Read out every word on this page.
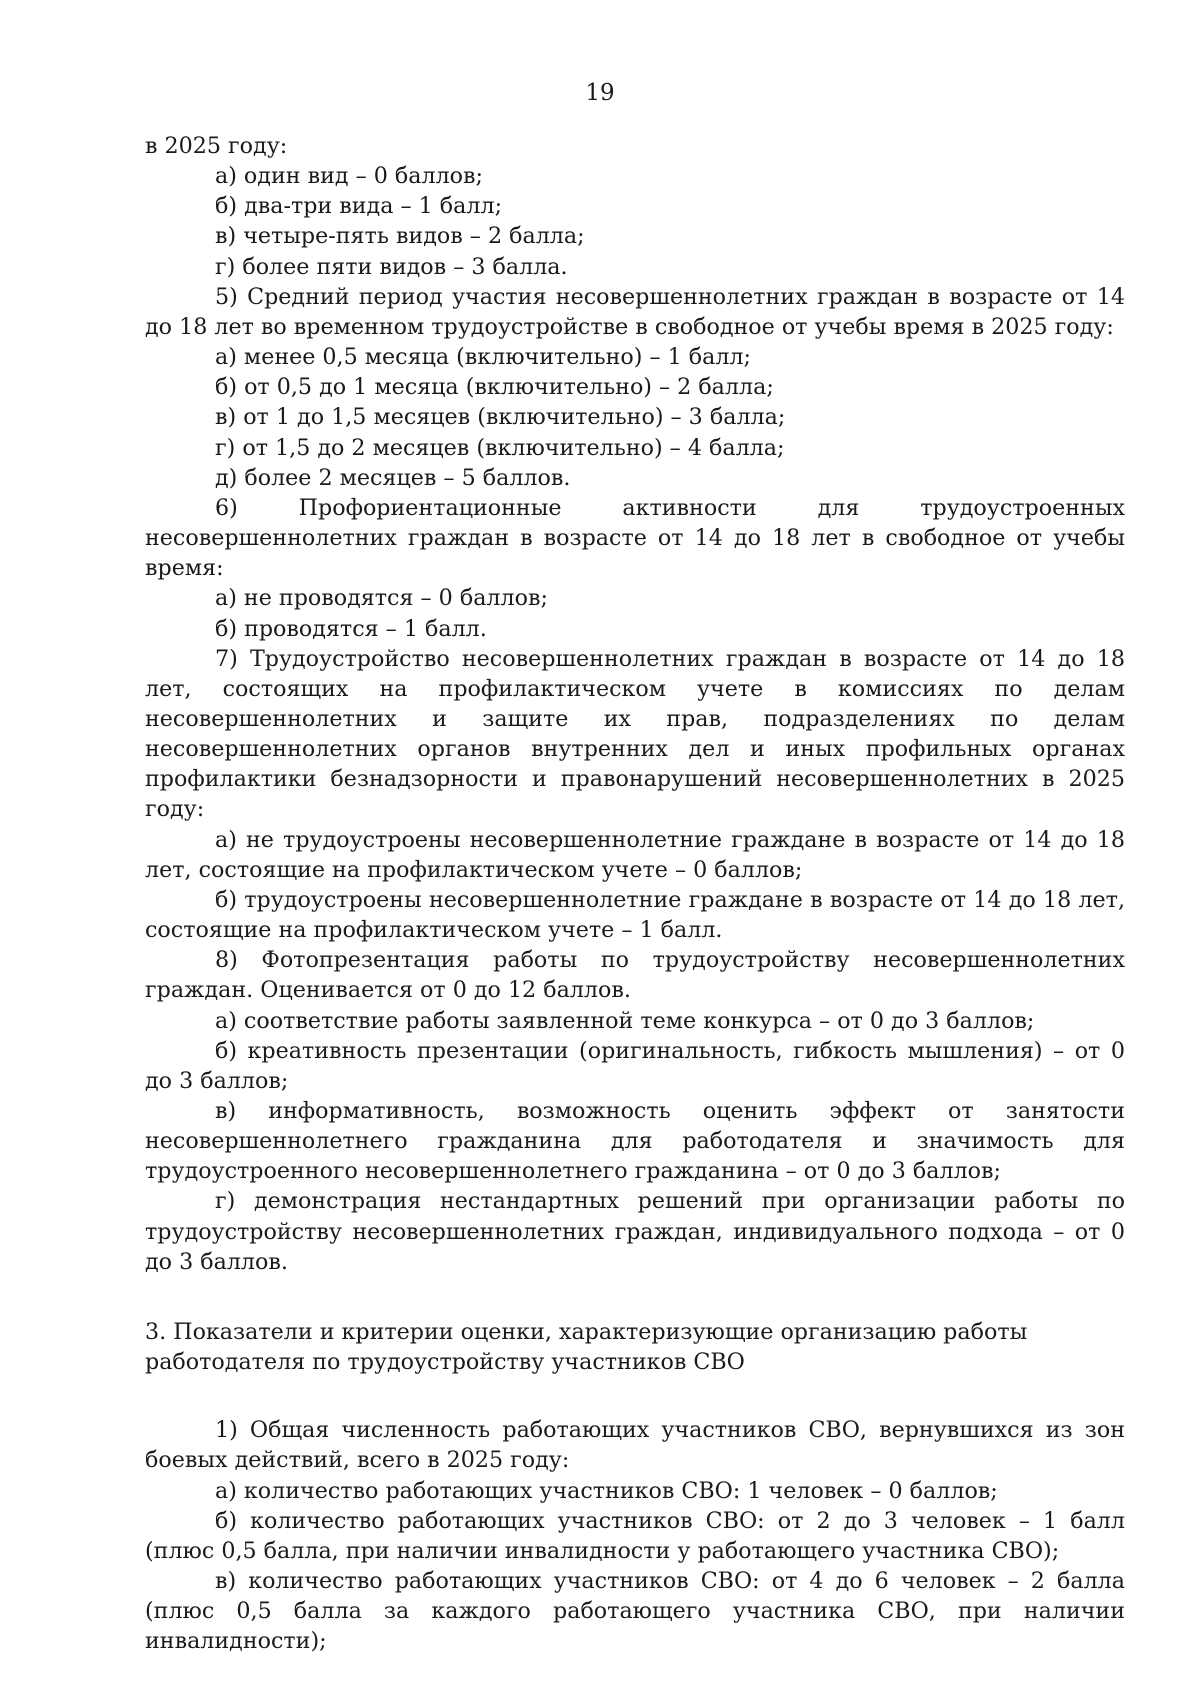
19

в 2025 году:

а) один вид – 0 баллов;

б) два-три вида – 1 балл;

в) четыре-пять видов – 2 балла;

г) более пяти видов – 3 балла.

5) Средний период участия несовершеннолетних граждан в возрасте от 14 до 18 лет во временном трудоустройстве в свободное от учебы время в 2025 году:

а) менее 0,5 месяца (включительно) – 1 балл;

б) от 0,5 до 1 месяца (включительно) – 2 балла;

в) от 1 до 1,5 месяцев (включительно) – 3 балла;

г) от 1,5 до 2 месяцев (включительно) – 4 балла;

д) более 2 месяцев – 5 баллов.

6) Профориентационные активности для трудоустроенных несовершеннолетних граждан в возрасте от 14 до 18 лет в свободное от учебы время:

а) не проводятся – 0 баллов;

б) проводятся – 1 балл.

7) Трудоустройство несовершеннолетних граждан в возрасте от 14 до 18 лет, состоящих на профилактическом учете в комиссиях по делам несовершеннолетних и защите их прав, подразделениях по делам несовершеннолетних органов внутренних дел и иных профильных органах профилактики безнадзорности и правонарушений несовершеннолетних в 2025 году:

а) не трудоустроены несовершеннолетние граждане в возрасте от 14 до 18 лет, состоящие на профилактическом учете – 0 баллов;

б) трудоустроены несовершеннолетние граждане в возрасте от 14 до 18 лет, состоящие на профилактическом учете – 1 балл.

8) Фотопрезентация работы по трудоустройству несовершеннолетних граждан. Оценивается от 0 до 12 баллов.

а) соответствие работы заявленной теме конкурса – от 0 до 3 баллов;

б) креативность презентации (оригинальность, гибкость мышления) – от 0 до 3 баллов;

в) информативность, возможность оценить эффект от занятости несовершеннолетнего гражданина для работодателя и значимость для трудоустроенного несовершеннолетнего гражданина – от 0 до 3 баллов;

г) демонстрация нестандартных решений при организации работы по трудоустройству несовершеннолетних граждан, индивидуального подхода – от 0 до 3 баллов.

3. Показатели и критерии оценки, характеризующие организацию работы
работодателя по трудоустройству участников СВО

1) Общая численность работающих участников СВО, вернувшихся из зон боевых действий, всего в 2025 году:

а) количество работающих участников СВО: 1 человек – 0 баллов;

б) количество работающих участников СВО: от 2 до 3 человек – 1 балл (плюс 0,5 балла, при наличии инвалидности у работающего участника СВО);

в) количество работающих участников СВО: от 4 до 6 человек – 2 балла (плюс 0,5 балла за каждого работающего участника СВО, при наличии инвалидности);
